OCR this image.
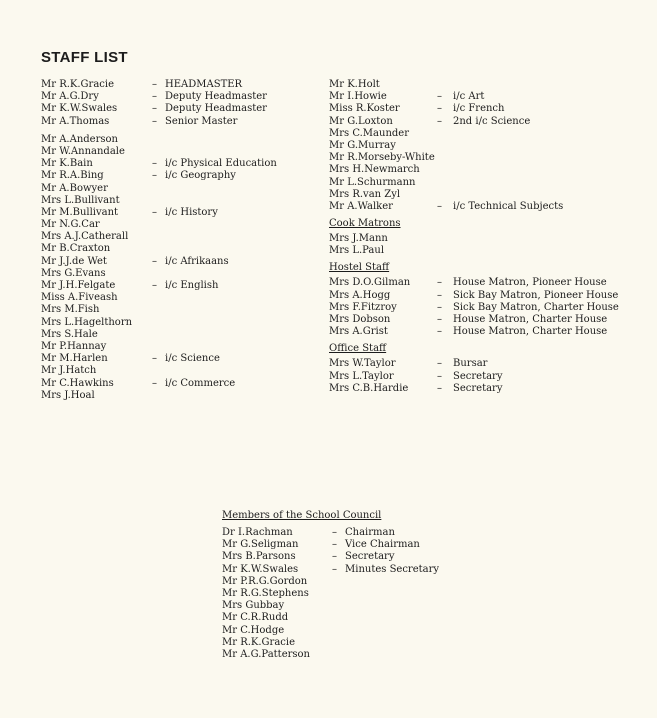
STAFF LIST
Mr R.K.Gracie	– HEADMASTER
Mr A.G.Dry	– Deputy Headmaster
Mr K.W.Swales	– Deputy Headmaster
Mr A.Thomas	– Senior Master
Mr A.Anderson
Mr W.Annandale
Mr K.Bain	– i/c Physical Education
Mr R.A.Bing	– i/c Geography
Mr A.Bowyer
Mrs L.Bullivant
Mr M.Bullivant	– i/c History
Mr N.G.Car
Mrs A.J.Catherall
Mr B.Craxton
Mr J.J.de Wet	– i/c Afrikaans
Mrs G.Evans
Mr J.H.Felgate	– i/c English
Miss A.Fiveash
Mrs M.Fish
Mrs L.Hagelthorn
Mrs S.Hale
Mr P.Hannay
Mr M.Harlen	– i/c Science
Mr J.Hatch
Mr C.Hawkins	– i/c Commerce
Mrs J.Hoal
Mr K.Holt
Mr I.Howie	– i/c Art
Miss R.Koster	– i/c French
Mr G.Loxton	– 2nd i/c Science
Mrs C.Maunder
Mr G.Murray
Mr R.Morseby-White
Mrs H.Newmarch
Mr L.Schurmann
Mrs R.van Zyl
Mr A.Walker	– i/c Technical Subjects
Cook Matrons
Mrs J.Mann
Mrs L.Paul
Hostel Staff
Mrs D.O.Gilman	– House Matron, Pioneer House
Mrs A.Hogg	– Sick Bay Matron, Pioneer House
Mrs F.Fitzroy	– Sick Bay Matron, Charter House
Mrs Dobson	– House Matron, Charter House
Mrs A.Grist	– House Matron, Charter House
Office Staff
Mrs W.Taylor	– Bursar
Mrs L.Taylor	– Secretary
Mrs C.B.Hardie	– Secretary
Members of the School Council
Dr I.Rachman	– Chairman
Mr G.Seligman	– Vice Chairman
Mrs B.Parsons	– Secretary
Mr K.W.Swales	– Minutes Secretary
Mr P.R.G.Gordon
Mr R.G.Stephens
Mrs Gubbay
Mr C.R.Rudd
Mr C.Hodge
Mr R.K.Gracie
Mr A.G.Patterson
